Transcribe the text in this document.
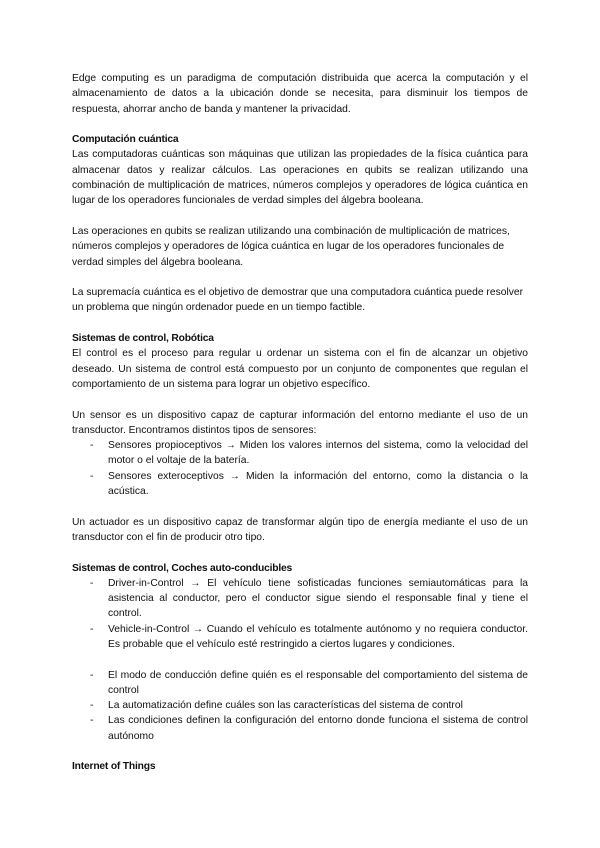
Edge computing es un paradigma de computación distribuida que acerca la computación y el almacenamiento de datos a la ubicación donde se necesita, para disminuir los tiempos de respuesta, ahorrar ancho de banda y mantener la privacidad.

Computación cuántica

Las computadoras cuánticas son máquinas que utilizan las propiedades de la física cuántica para almacenar datos y realizar cálculos. Las operaciones en qubits se realizan utilizando una combinación de multiplicación de matrices, números complejos y operadores de lógica cuántica en lugar de los operadores funcionales de verdad simples del álgebra booleana.

Las operaciones en qubits se realizan utilizando una combinación de multiplicación de matrices, números complejos y operadores de lógica cuántica en lugar de los operadores funcionales de verdad simples del álgebra booleana.

La supremacía cuántica es el objetivo de demostrar que una computadora cuántica puede resolver un problema que ningún ordenador puede en un tiempo factible.

Sistemas de control, Robótica

El control es el proceso para regular u ordenar un sistema con el fin de alcanzar un objetivo deseado. Un sistema de control está compuesto por un conjunto de componentes que regulan el comportamiento de un sistema para lograr un objetivo específico.

Un sensor es un dispositivo capaz de capturar información del entorno mediante el uso de un transductor. Encontramos distintos tipos de sensores:

- Sensores propioceptivos → Miden los valores internos del sistema, como la velocidad del motor o el voltaje de la batería.
- Sensores exteroceptivos → Miden la información del entorno, como la distancia o la acústica.

Un actuador es un dispositivo capaz de transformar algún tipo de energía mediante el uso de un transductor con el fin de producir otro tipo.

Sistemas de control, Coches auto-conducibles
- Driver-in-Control → El vehículo tiene sofisticadas funciones semiautomáticas para la asistencia al conductor, pero el conductor sigue siendo el responsable final y tiene el control.
- Vehicle-in-Control → Cuando el vehículo es totalmente autónomo y no requiera conductor. Es probable que el vehículo esté restringido a ciertos lugares y condiciones.
- El modo de conducción define quién es el responsable del comportamiento del sistema de control
- La automatización define cuáles son las características del sistema de control
- Las condiciones definen la configuración del entorno donde funciona el sistema de control autónomo
Internet of Things
